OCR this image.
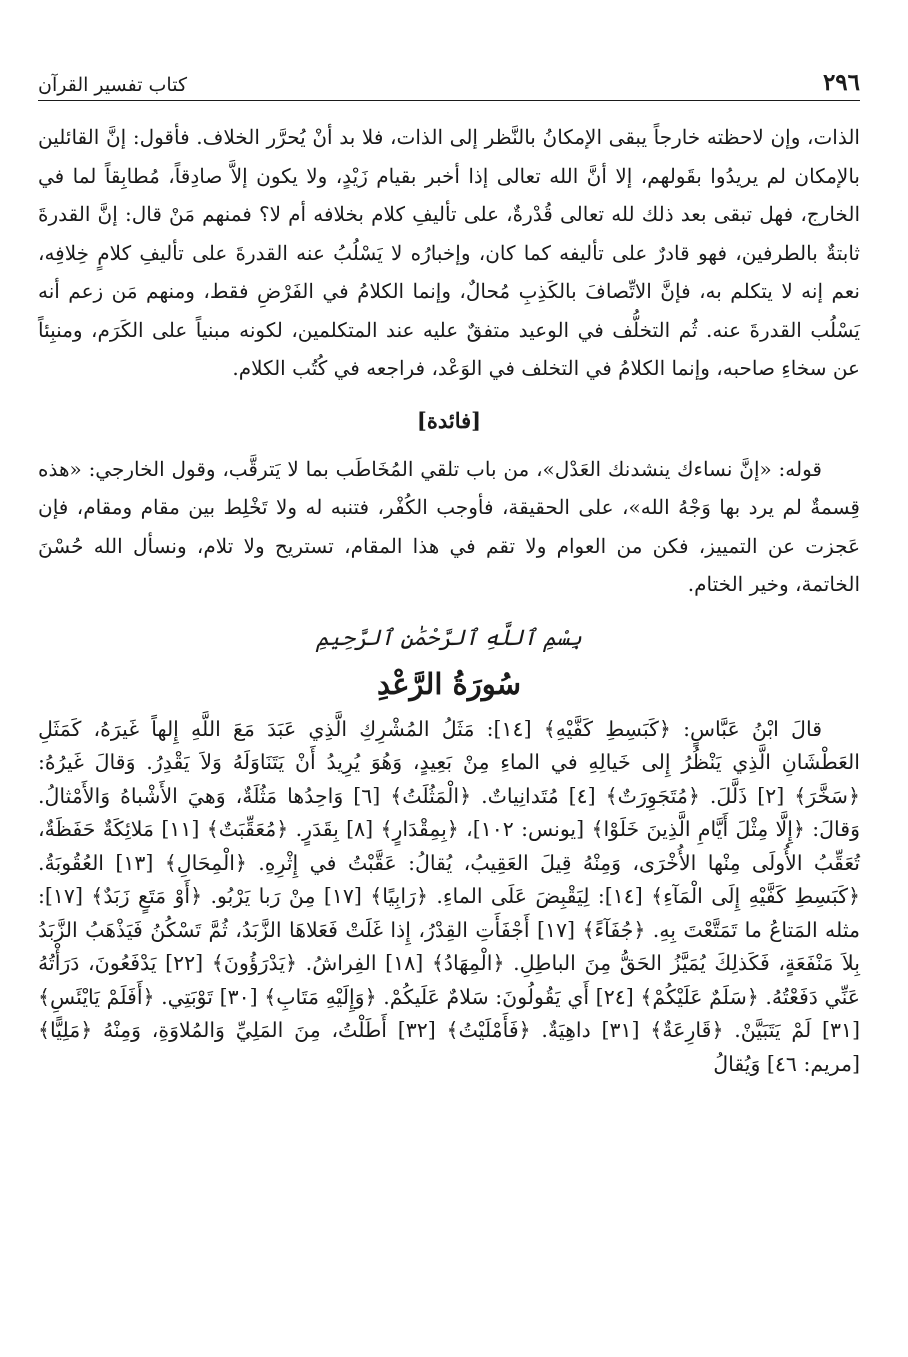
٢٩٦
كتاب تفسير القرآن

الذات، وإن لاحظته خارجاً يبقى الإمكانُ بالنَّظر إلى الذات، فلا بد أنْ يُحرَّر الخلاف. فأقول: إنَّ القائلين بالإمكان لم يريدُوا بقَولهم، إلا أنَّ الله تعالى إذا أخبر بقيام زَيْدٍ، ولا يكون إلاَّ صادِقاً، مُطابِقاً لما في الخارج، فهل تبقى بعد ذلك لله تعالى قُدْرةٌ، على تأليفِ كلام بخلافه أم لا؟ فمنهم مَنْ قال: إنَّ القدرةَ ثابتةٌ بالطرفين، فهو قادرٌ على تأليفه كما كان، وإخبارُه لا يَسْلُبُ عنه القدرةَ على تأليفِ كلامٍ خِلافِه، نعم إنه لا يتكلم به، فإنَّ الاتِّصافَ بالكَذِبِ مُحالٌ، وإنما الكلامُ في الفَرْضِ فقط، ومنهم مَن زعم أنه يَسْلُب القدرةَ عنه. ثُم التخلُّف في الوعيد متفقٌ عليه عند المتكلمين، لكونه مبنياً على الكَرَم، ومنبِئاً عن سخاءِ صاحبه، وإنما الكلامُ في التخلف في الوَعْد، فراجعه في كُتُب الكلام.

[فائدة]

قوله: «إنَّ نساءك ينشدنك العَدْل»، من باب تلقي المُخَاطَب بما لا يَترقَّب، وقول الخارجي: «هذه قِسمةٌ لم يرد بها وَجْهُ الله»، على الحقيقة، فأوجب الكُفْر، فتنبه له ولا تَخْلِط بين مقام ومقام، فإن عَجزت عن التمييز، فكن من العوام ولا تقم في هذا المقام، تستريح ولا تلام، ونسأل الله حُسْنَ الخاتمة، وخير الختام.

بِسْمِ ٱللَّهِ ٱلرَّحْمَٰنِ ٱلرَّحِيمِ
سُورَةُ الرَّعْدِ

قالَ ابْنُ عَبَّاسٍ: ﴿كَبَسِطِ كَفَّيْهِ﴾ [١٤]: مَثَلُ المُشْرِكِ الَّذِي عَبَدَ مَعَ اللَّهِ إِلهاً غَيرَهُ، كَمَثَلِ العَطْشَانِ الَّذِي يَنْظُرُ إِلى خَيالِهِ في الماءِ مِنْ بَعِيدٍ، وَهُوَ يُرِيدُ أَنْ يَتَنَاوَلَهُ وَلاَ يَقْدِرُ. وَقالَ غَيرُهُ: ﴿سَخَّرَ﴾ [٢] ذَلَّلَ. ﴿مُتَجَوِرَتٌ﴾ [٤] مُتَدانِياتٌ. ﴿الْمَثُلَتُ﴾ [٦] وَاحِدُها مَثُلَةٌ، وَهيَ الأَشْباهُ وَالأَمْثالُ. وَقالَ: ﴿إِلَّا مِثْلَ أَيَّامِ الَّذِينَ خَلَوْا﴾ [يونس: ١٠٢]، ﴿بِمِقْدَارٍ﴾ [٨] بِقَدَرٍ. ﴿مُعَقِّبَتٌ﴾ [١١] مَلائِكَةٌ حَفَظَةٌ، تُعَقِّبُ الأُولَى مِنْها الأُخْرَى، وَمِنْهُ قِيلَ العَقِيبُ، يُقالُ: عَقَّبْتُ في إِثْرِهِ. ﴿الْمِحَالِ﴾ [١٣] العُقُوبَةُ. ﴿كَبَسِطِ كَفَّيْهِ إِلَى الْمَآءِ﴾ [١٤]: لِيَقْبِضَ عَلَى الماءِ. ﴿رَابِيًا﴾ [١٧] مِنْ رَبا يَرْبُو. ﴿أَوْ مَتَعٍ زَبَدٌ﴾ [١٧]: مثله المَتاعُ ما تَمَتَّعْتَ بِهِ. ﴿جُفَآءً﴾ [١٧] أَجْفَأَتِ القِدْرُ، إِذا غَلَتْ فَعَلاهَا الزَّبَدُ، ثُمَّ تَسْكُنُ فَيَذْهَبُ الزَّبَدُ بِلاَ مَنْفَعَةٍ، فَكَذلِكَ يُمَيَّزُ الحَقُّ مِنَ الباطِلِ. ﴿الْمِهَادُ﴾ [١٨] الفِراشُ. ﴿يَدْرَؤُونَ﴾ [٢٢] يَدْفَعُونَ، دَرَأْتُهُ عَنِّي دَفَعْتُهُ. ﴿سَلَمٌ عَلَيْكُمْ﴾ [٢٤] أَي يَقُولُونَ: سَلامٌ عَلَيكُمْ. ﴿وَإِلَيْهِ مَتَابِ﴾ [٣٠] تَوْبَتِي. ﴿أَفَلَمْ يَايْئَسِ﴾ [٣١] لَمْ يَتَبَيَّنْ. ﴿قَارِعَةٌ﴾ [٣١] داهِيَةٌ. ﴿فَأَمْلَيْتُ﴾ [٣٢] أَطَلْتُ، مِنَ المَلِيِّ وَالمُلاوَةِ، وَمِنْهُ ﴿مَلِيًّا﴾ [مريم: ٤٦] وَيُقالُ
